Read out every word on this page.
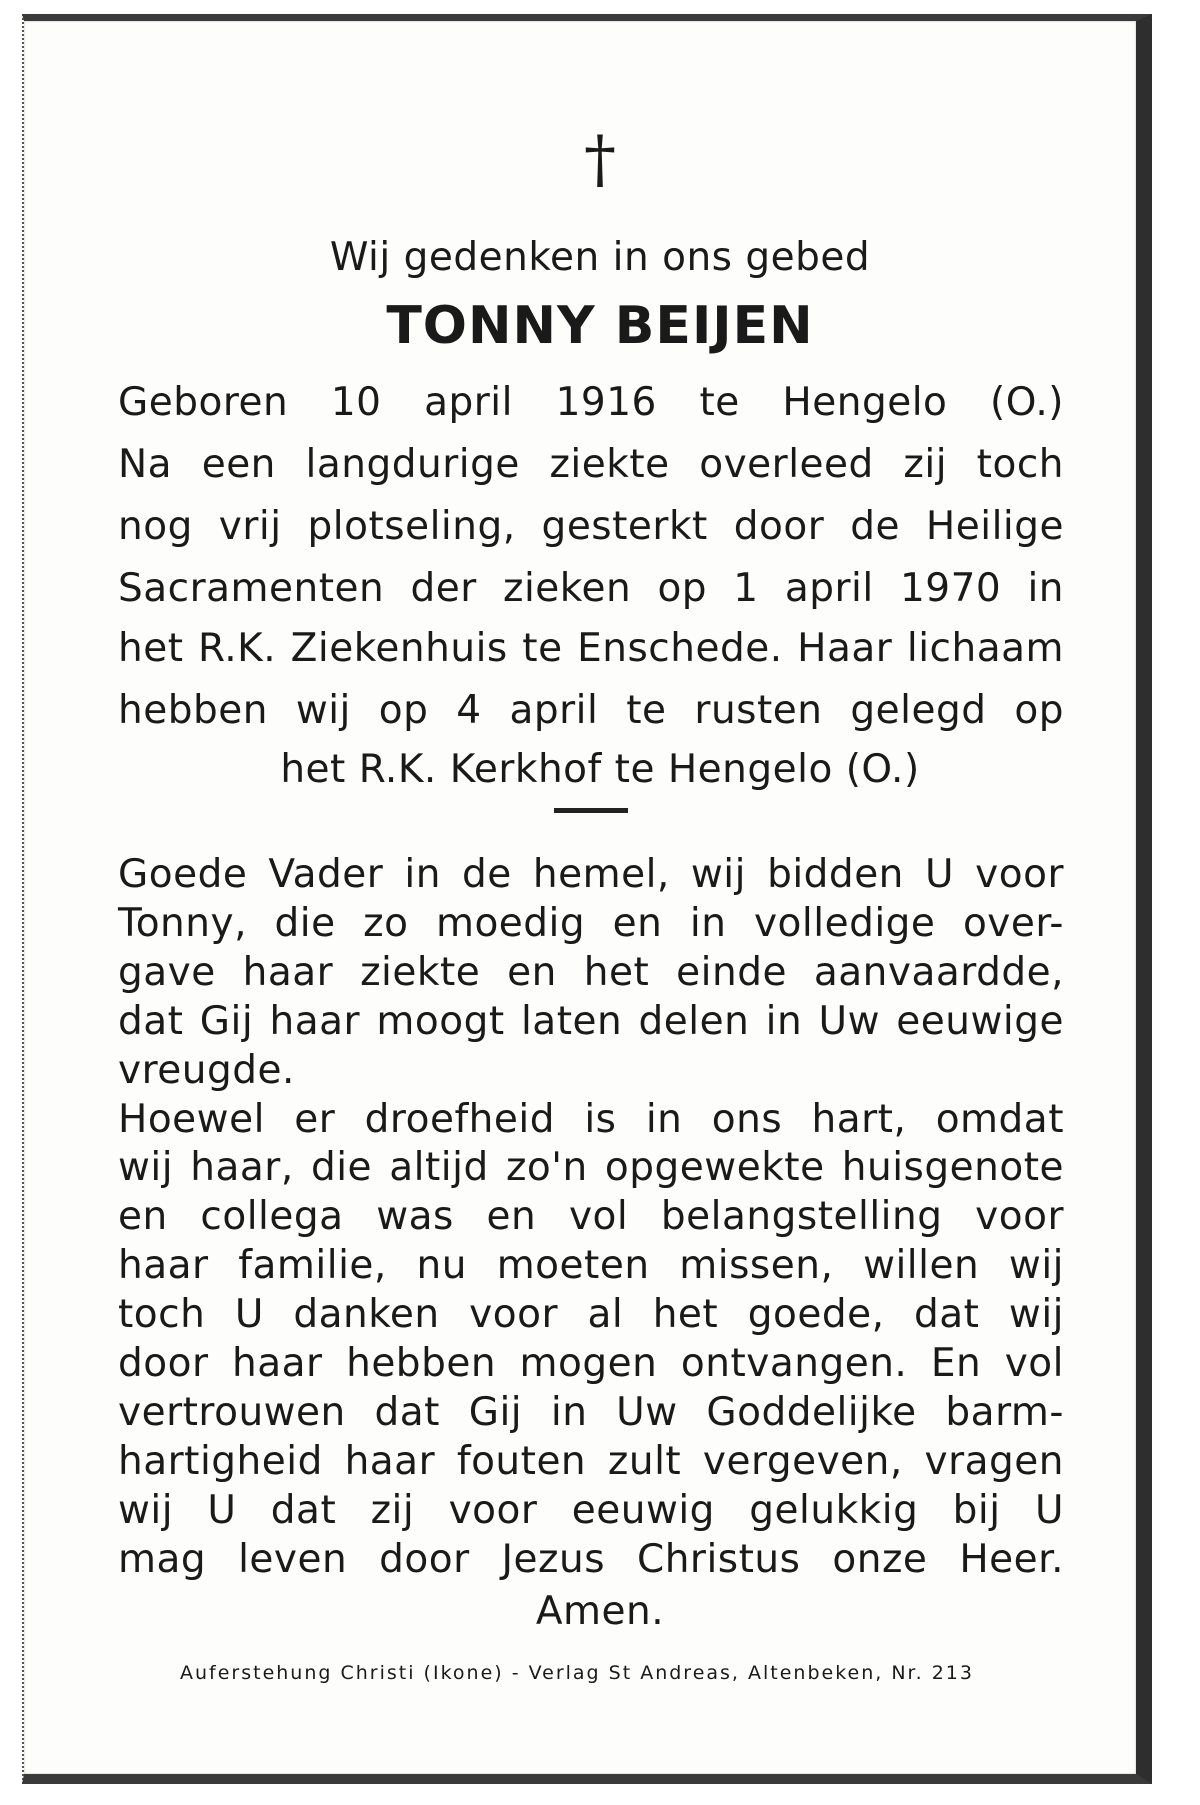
†
Wij gedenken in ons gebed
TONNY BEIJEN
Geboren 10 april 1916 te Hengelo (O.)
Na een langdurige ziekte overleed zij toch
nog vrij plotseling, gesterkt door de Heilige
Sacramenten der zieken op 1 april 1970 in
het R.K. Ziekenhuis te Enschede. Haar lichaam
hebben wij op 4 april te rusten gelegd op
het R.K. Kerkhof te Hengelo (O.)
Goede Vader in de hemel, wij bidden U voor
Tonny, die zo moedig en in volledige over-
gave haar ziekte en het einde aanvaardde,
dat Gij haar moogt laten delen in Uw eeuwige
vreugde.
Hoewel er droefheid is in ons hart, omdat
wij haar, die altijd zo'n opgewekte huisgenote
en collega was en vol belangstelling voor
haar familie, nu moeten missen, willen wij
toch U danken voor al het goede, dat wij
door haar hebben mogen ontvangen. En vol
vertrouwen dat Gij in Uw Goddelijke barm-
hartigheid haar fouten zult vergeven, vragen
wij U dat zij voor eeuwig gelukkig bij U
mag leven door Jezus Christus onze Heer.
Amen.
Auferstehung Christi (Ikone) - Verlag St Andreas, Altenbeken, Nr. 213
